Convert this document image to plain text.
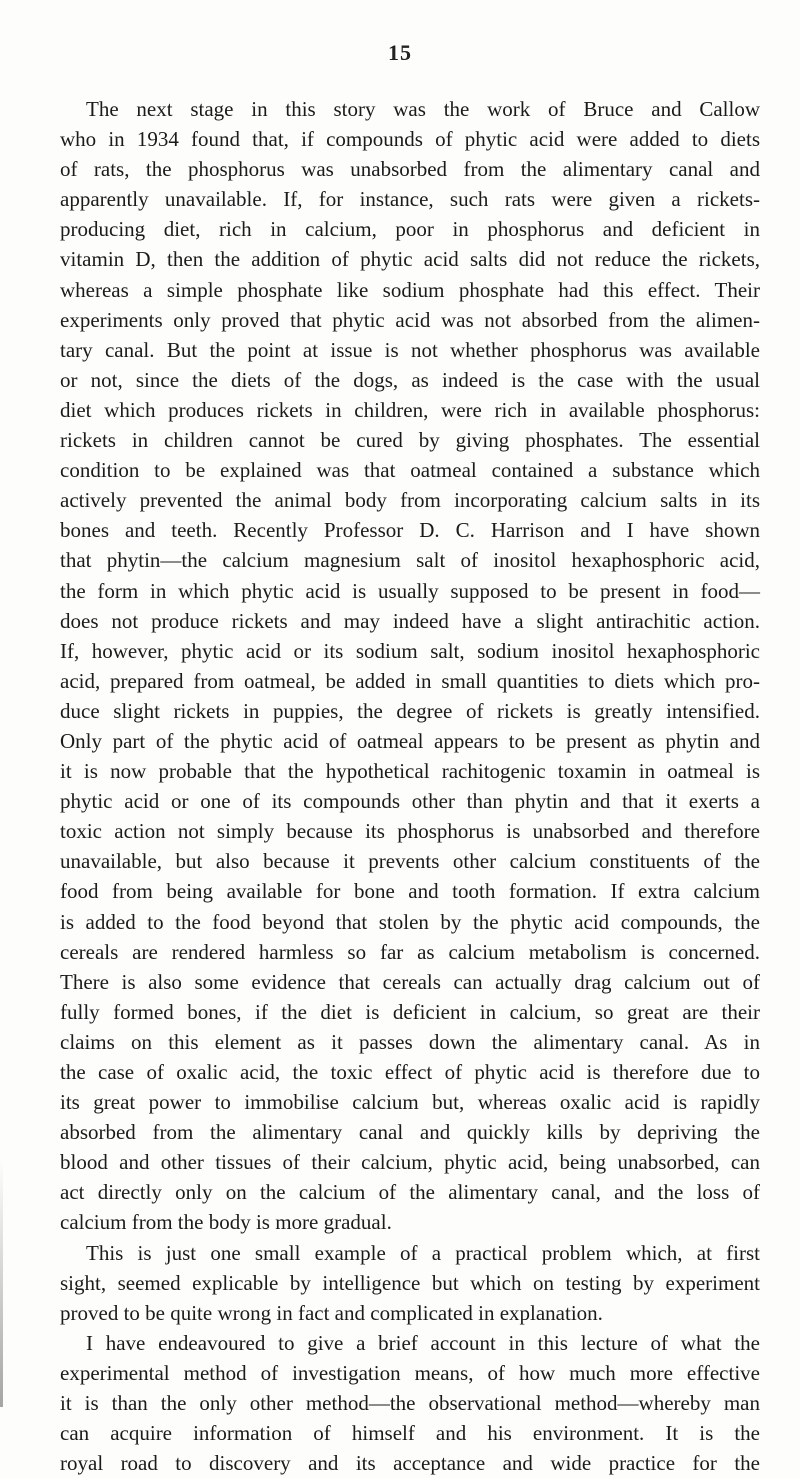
15
The next stage in this story was the work of Bruce and Callow
who in 1934 found that, if compounds of phytic acid were added to diets
of rats, the phosphorus was unabsorbed from the alimentary canal and
apparently unavailable. If, for instance, such rats were given a rickets-
producing diet, rich in calcium, poor in phosphorus and deficient in
vitamin D, then the addition of phytic acid salts did not reduce the rickets,
whereas a simple phosphate like sodium phosphate had this effect. Their
experiments only proved that phytic acid was not absorbed from the alimen-
tary canal. But the point at issue is not whether phosphorus was available
or not, since the diets of the dogs, as indeed is the case with the usual
diet which produces rickets in children, were rich in available phosphorus:
rickets in children cannot be cured by giving phosphates. The essential
condition to be explained was that oatmeal contained a substance which
actively prevented the animal body from incorporating calcium salts in its
bones and teeth. Recently Professor D. C. Harrison and I have shown
that phytin—the calcium magnesium salt of inositol hexaphosphoric acid,
the form in which phytic acid is usually supposed to be present in food—
does not produce rickets and may indeed have a slight antirachitic action.
If, however, phytic acid or its sodium salt, sodium inositol hexaphosphoric
acid, prepared from oatmeal, be added in small quantities to diets which pro-
duce slight rickets in puppies, the degree of rickets is greatly intensified.
Only part of the phytic acid of oatmeal appears to be present as phytin and
it is now probable that the hypothetical rachitogenic toxamin in oatmeal is
phytic acid or one of its compounds other than phytin and that it exerts a
toxic action not simply because its phosphorus is unabsorbed and therefore
unavailable, but also because it prevents other calcium constituents of the
food from being available for bone and tooth formation. If extra calcium
is added to the food beyond that stolen by the phytic acid compounds, the
cereals are rendered harmless so far as calcium metabolism is concerned.
There is also some evidence that cereals can actually drag calcium out of
fully formed bones, if the diet is deficient in calcium, so great are their
claims on this element as it passes down the alimentary canal. As in
the case of oxalic acid, the toxic effect of phytic acid is therefore due to
its great power to immobilise calcium but, whereas oxalic acid is rapidly
absorbed from the alimentary canal and quickly kills by depriving the
blood and other tissues of their calcium, phytic acid, being unabsorbed, can
act directly only on the calcium of the alimentary canal, and the loss of
calcium from the body is more gradual.
This is just one small example of a practical problem which, at first
sight, seemed explicable by intelligence but which on testing by experiment
proved to be quite wrong in fact and complicated in explanation.
I have endeavoured to give a brief account in this lecture of what the
experimental method of investigation means, of how much more effective
it is than the only other method—the observational method—whereby man
can acquire information of himself and his environment. It is the
royal road to discovery and its acceptance and wide practice for the
